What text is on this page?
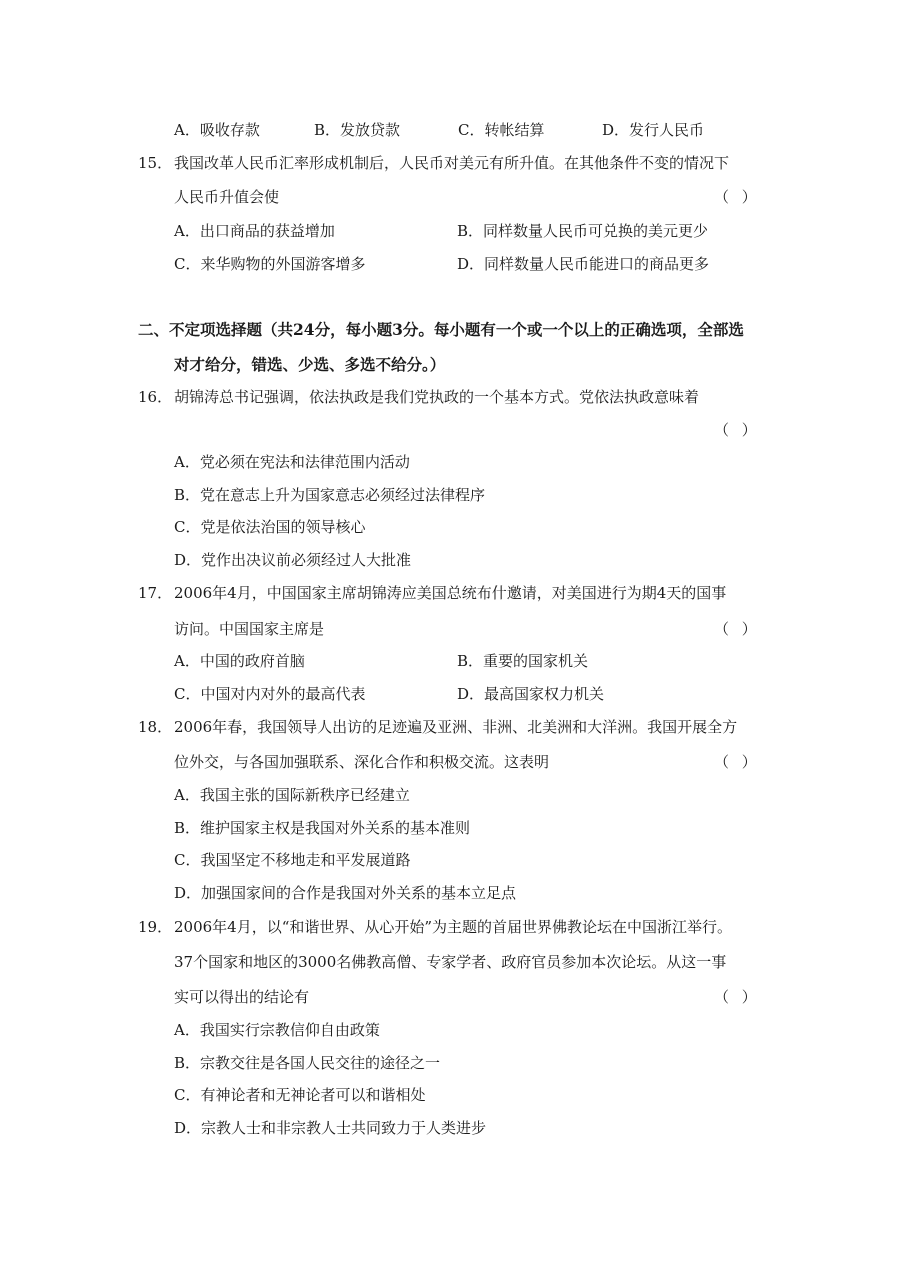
A．吸收存款	B．发放贷款	C．转帐结算	D．发行人民币
15． 我国改革人民币汇率形成机制后，人民币对美元有所升值。在其他条件不变的情况下
人民币升值会使	（ ）
A．出口商品的获益增加	B．同样数量人民币可兑换的美元更少
C．来华购物的外国游客增多	D．同样数量人民币能进口的商品更多
二、不定项选择题（共24分，每小题3分。每小题有一个或一个以上的正确选项，全部选
对才给分，错选、少选、多选不给分。）
16． 胡锦涛总书记强调，依法执政是我们党执政的一个基本方式。党依法执政意味着
（ ）
A．党必须在宪法和法律范围内活动
B．党在意志上升为国家意志必须经过法律程序
C．党是依法治国的领导核心
D．党作出决议前必须经过人大批准
17． 2006年4月，中国国家主席胡锦涛应美国总统布什邀请，对美国进行为期4天的国事
访问。中国国家主席是	（ ）
A．中国的政府首脑	B．重要的国家机关
C．中国对内对外的最高代表	D．最高国家权力机关
18． 2006年春，我国领导人出访的足迹遍及亚洲、非洲、北美洲和大洋洲。我国开展全方
位外交，与各国加强联系、深化合作和积极交流。这表明	（ ）
A．我国主张的国际新秩序已经建立
B．维护国家主权是我国对外关系的基本准则
C．我国坚定不移地走和平发展道路
D．加强国家间的合作是我国对外关系的基本立足点
19． 2006年4月，以“和谐世界、从心开始”为主题的首届世界佛教论坛在中国浙江举行。
37个国家和地区的3000名佛教高僧、专家学者、政府官员参加本次论坛。从这一事
实可以得出的结论有	（ ）
A．我国实行宗教信仰自由政策
B．宗教交往是各国人民交往的途径之一
C．有神论者和无神论者可以和谐相处
D．宗教人士和非宗教人士共同致力于人类进步
